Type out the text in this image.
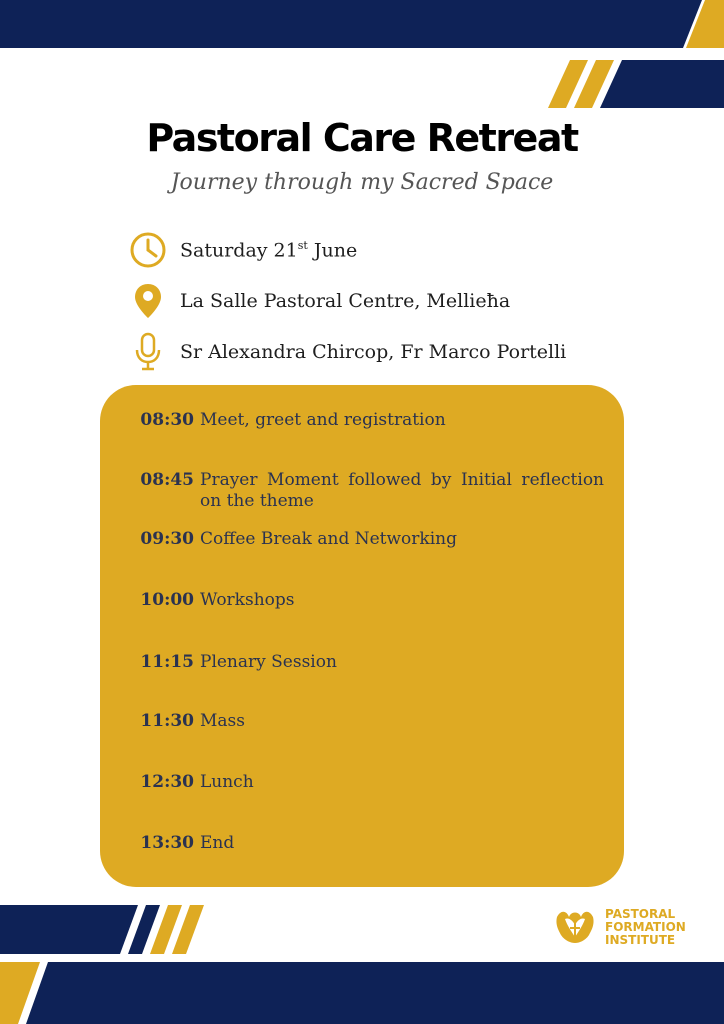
Pastoral Care Retreat
Journey through my Sacred Space
Saturday 21st June
La Salle Pastoral Centre, Mellieħa
Sr Alexandra Chircop, Fr Marco Portelli
08:30 Meet, greet and registration
08:45 Prayer Moment followed by Initial reflection on the theme
09:30 Coffee Break and Networking
10:00 Workshops
11:15 Plenary Session
11:30 Mass
12:30 Lunch
13:30 End
PASTORAL
FORMATION
INSTITUTE
